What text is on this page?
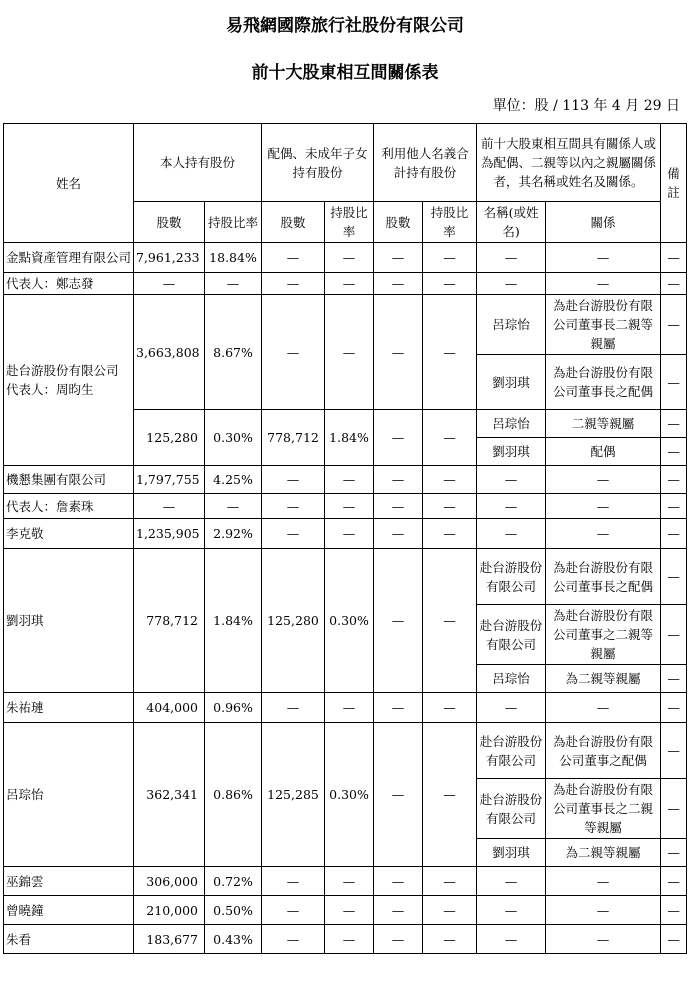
易飛網國際旅行社股份有限公司
前十大股東相互間關係表
單位：股 / 113 年 4 月 29 日
姓名	本人持有股份		配偶、未成年子女持有股份		利用他人名義合計持有股份		前十大股東相互間具有關係人或為配偶、二親等以內之親屬關係者，其名稱或姓名及關係。		備註
	股數	持股比率	股數	持股比率	股數	持股比率	名稱(或姓名)	關係	
金點資產管理有限公司	7,961,233	18.84%	—	—	—	—	—	—	—
代表人：鄭志發	—	—	—	—	—	—	—	—	—

赴台游股份有限公司
代表人：周昀生	3,663,808	8.67%	—	—	—	—	呂琮怡	為赴台游股份有限公司董事長二親等親屬	—
							劉羽琪	為赴台游股份有限公司董事長之配偶	—
	125,280	0.30%	778,712	1.84%	—	—	呂琮怡	二親等親屬	—
							劉羽琪	配偶	—
機懇集團有限公司	1,797,755	4.25%	—	—	—	—	—	—	—
代表人：詹素珠	—	—	—	—	—	—	—	—	—
李克敬	1,235,905	2.92%	—	—	—	—	—	—	—
劉羽琪	778,712	1.84%	125,280	0.30%	—	—	赴台游股份有限公司	為赴台游股份有限公司董事長之配偶	—
							赴台游股份有限公司	為赴台游股份有限公司董事之二親等親屬	—
							呂琮怡	為二親等親屬	—
朱祐璉	404,000	0.96%	—	—	—	—	—	—	—
呂琮怡	362,341	0.86%	125,285	0.30%	—	—	赴台游股份有限公司	為赴台游股份有限公司董事之配偶	—
							赴台游股份有限公司	為赴台游股份有限公司董事長之二親等親屬	—
							劉羽琪	為二親等親屬	—
巫錦雲	306,000	0.72%	—	—	—	—	—	—	—
曾曉鐘	210,000	0.50%	—	—	—	—	—	—	—
朱看	183,677	0.43%	—	—	—	—	—	—	—
